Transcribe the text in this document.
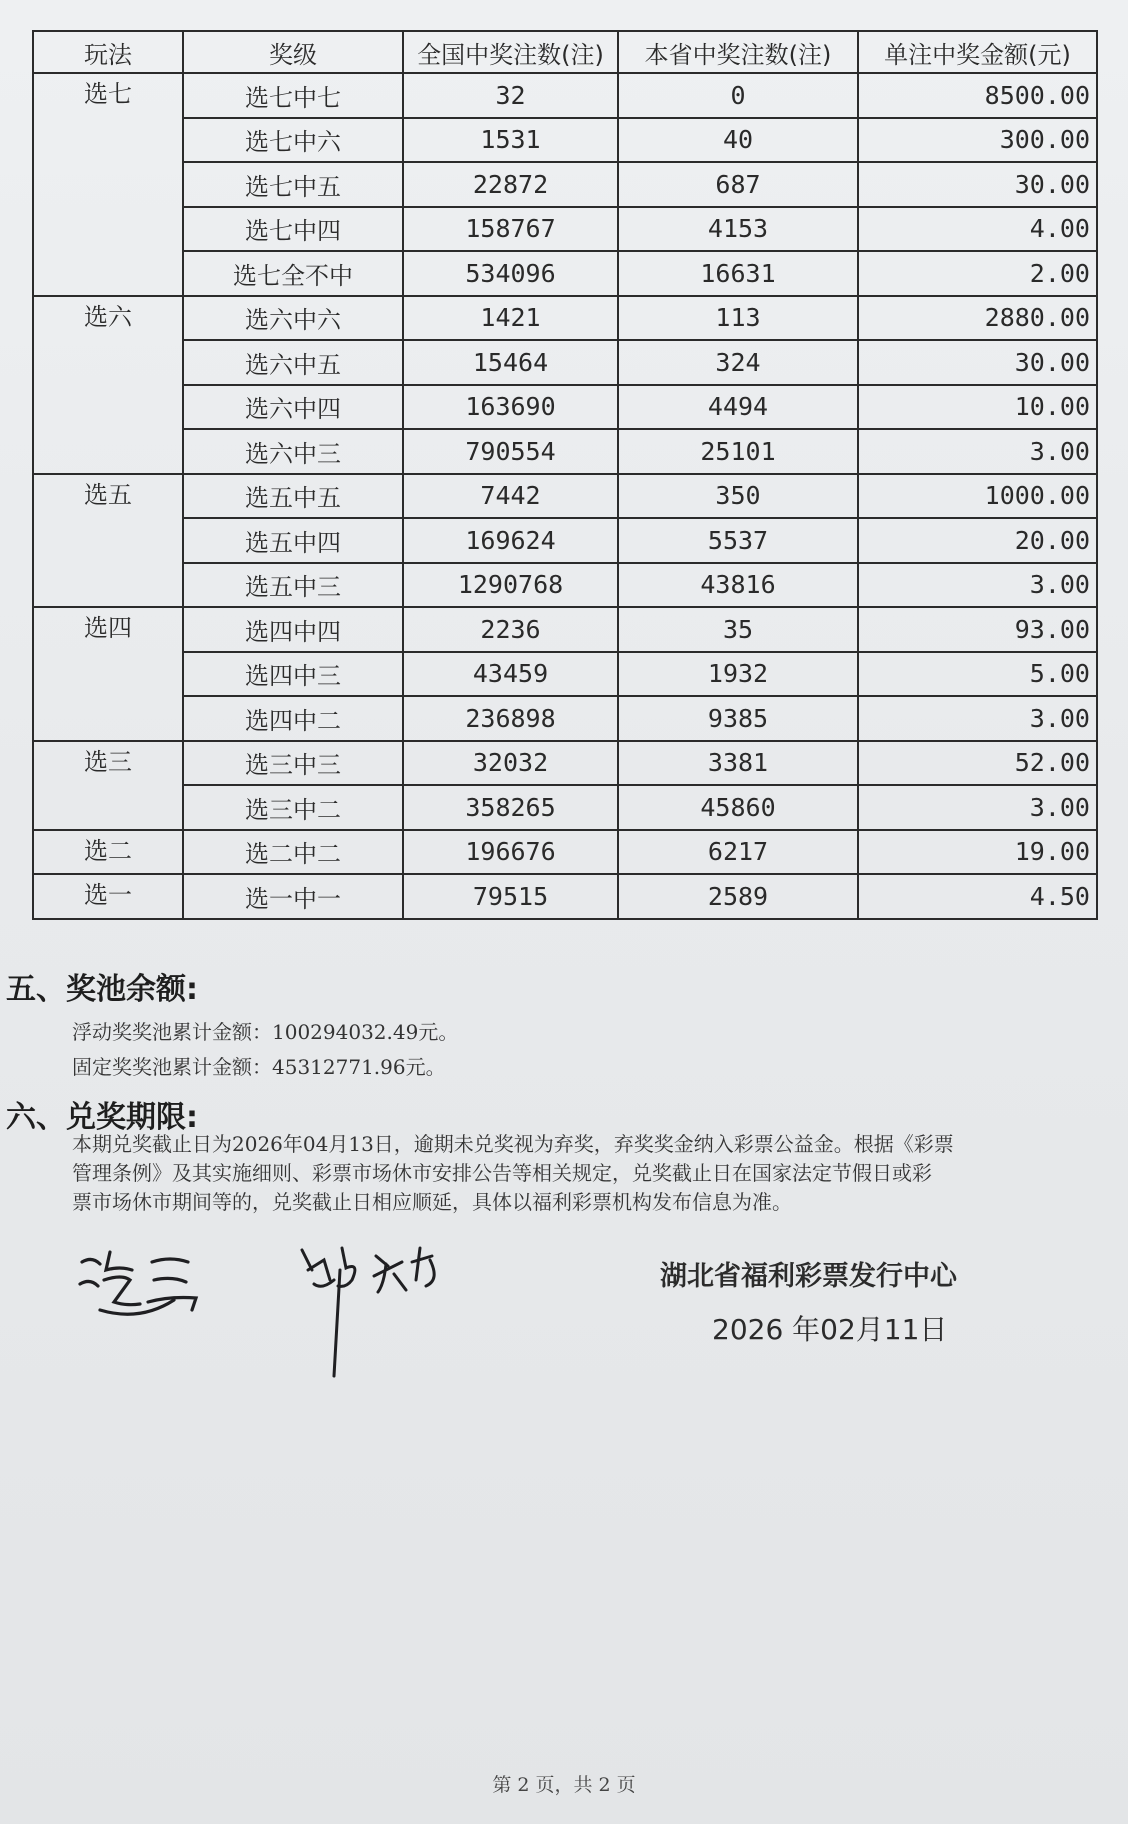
玩法	奖级	全国中奖注数(注)	本省中奖注数(注)	单注中奖金额(元)
选七	选七中七	32	0	8500.00
	选七中六	1531	40	300.00
	选七中五	22872	687	30.00
	选七中四	158767	4153	4.00
	选七全不中	534096	16631	2.00
选六	选六中六	1421	113	2880.00
	选六中五	15464	324	30.00
	选六中四	163690	4494	10.00
	选六中三	790554	25101	3.00
选五	选五中五	7442	350	1000.00
	选五中四	169624	5537	20.00
	选五中三	1290768	43816	3.00
选四	选四中四	2236	35	93.00
	选四中三	43459	1932	5.00
	选四中二	236898	9385	3.00
选三	选三中三	32032	3381	52.00
	选三中二	358265	45860	3.00
选二	选二中二	196676	6217	19.00
选一	选一中一	79515	2589	4.50
五、奖池余额:
浮动奖奖池累计金额：100294032.49元。
固定奖奖池累计金额：45312771.96元。
六、兑奖期限:
本期兑奖截止日为2026年04月13日，逾期未兑奖视为弃奖，弃奖奖金纳入彩票公益金。根据《彩票
管理条例》及其实施细则、彩票市场休市安排公告等相关规定，兑奖截止日在国家法定节假日或彩
票市场休市期间等的，兑奖截止日相应顺延，具体以福利彩票机构发布信息为准。
湖北省福利彩票发行中心
2026 年02月11日
第 2 页，共 2 页
